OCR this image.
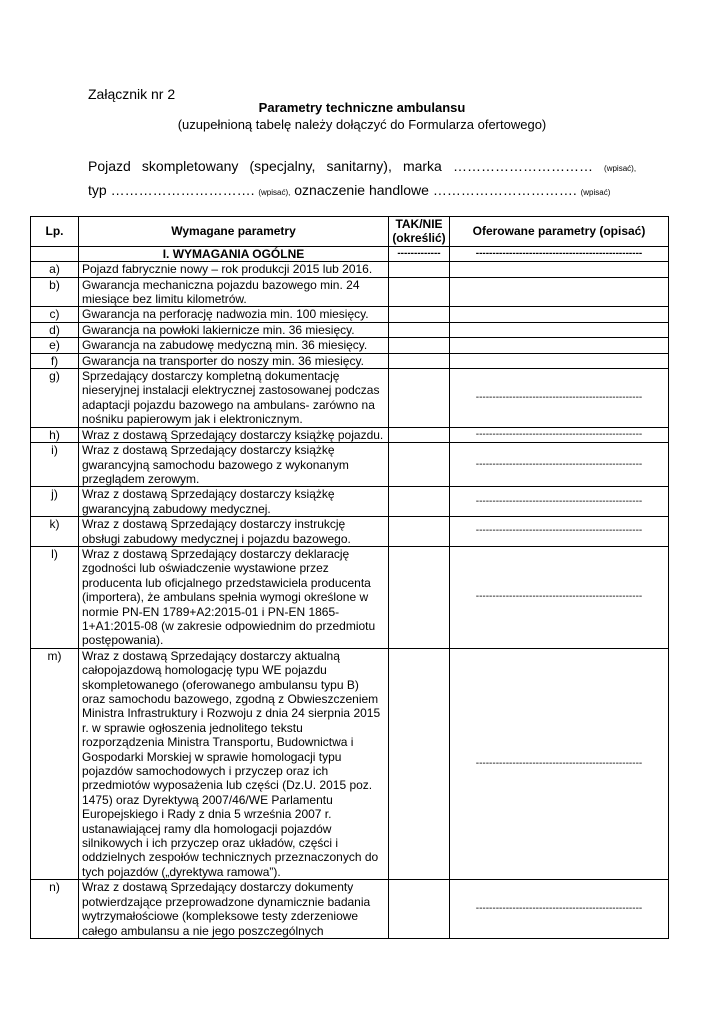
Załącznik nr 2
Parametry techniczne ambulansu
(uzupełnioną tabelę należy dołączyć do Formularza ofertowego)
Pojazd skompletowany (specjalny, sanitarny), marka ………………………… (wpisać),
typ …………………………. (wpisać), oznaczenie handlowe …………………………. (wpisać)
Lp.	Wymagane parametry	TAK/NIE (określić)	Oferowane parametry (opisać)
	I. WYMAGANIA OGÓLNE	-------------	--------------------------------------------------
a)	Pojazd fabrycznie nowy – rok produkcji 2015 lub 2016.		
b)	Gwarancja mechaniczna pojazdu bazowego min. 24 miesiące bez limitu kilometrów.		
c)	Gwarancja na perforację nadwozia min. 100 miesięcy.		
d)	Gwarancja na powłoki lakiernicze min. 36 miesięcy.		
e)	Gwarancja na zabudowę medyczną min. 36 miesięcy.		
f)	Gwarancja na transporter do noszy min. 36 miesięcy.		
g)	Sprzedający dostarczy kompletną dokumentację nieseryjnej instalacji elektrycznej zastosowanej podczas adaptacji pojazdu bazowego na ambulans- zarówno na nośniku papierowym jak i elektronicznym.		--------------------------------------------------
h)	Wraz z dostawą Sprzedający dostarczy książkę pojazdu.		--------------------------------------------------
i)	Wraz z dostawą Sprzedający dostarczy książkę gwarancyjną samochodu bazowego z wykonanym przeglądem zerowym.		--------------------------------------------------
j)	Wraz z dostawą Sprzedający dostarczy książkę gwarancyjną zabudowy medycznej.		--------------------------------------------------
k)	Wraz z dostawą Sprzedający dostarczy instrukcję obsługi zabudowy medycznej i pojazdu bazowego.		--------------------------------------------------
l)	Wraz z dostawą Sprzedający dostarczy deklarację zgodności lub oświadczenie wystawione przez producenta lub oficjalnego przedstawiciela producenta (importera), że ambulans spełnia wymogi określone w normie PN-EN 1789+A2:2015-01 i PN-EN 1865-1+A1:2015-08 (w zakresie odpowiednim do przedmiotu postępowania).		--------------------------------------------------
m)	Wraz z dostawą Sprzedający dostarczy aktualną całopojazdową homologację typu WE pojazdu skompletowanego (oferowanego ambulansu typu B) oraz samochodu bazowego, zgodną z Obwieszczeniem Ministra Infrastruktury i Rozwoju z dnia 24 sierpnia 2015 r. w sprawie ogłoszenia jednolitego tekstu rozporządzenia Ministra Transportu, Budownictwa i Gospodarki Morskiej w sprawie homologacji typu pojazdów samochodowych i przyczep oraz ich przedmiotów wyposażenia lub części (Dz.U. 2015 poz. 1475) oraz Dyrektywą 2007/46/WE Parlamentu Europejskiego i Rady z dnia 5 września 2007 r. ustanawiającej ramy dla homologacji pojazdów silnikowych i ich przyczep oraz układów, części i oddzielnych zespołów technicznych przeznaczonych do tych pojazdów („dyrektywa ramowa”).		--------------------------------------------------
n)	Wraz z dostawą Sprzedający dostarczy dokumenty potwierdzające przeprowadzone dynamicznie badania wytrzymałościowe (kompleksowe testy zderzeniowe całego ambulansu a nie jego poszczególnych		--------------------------------------------------
